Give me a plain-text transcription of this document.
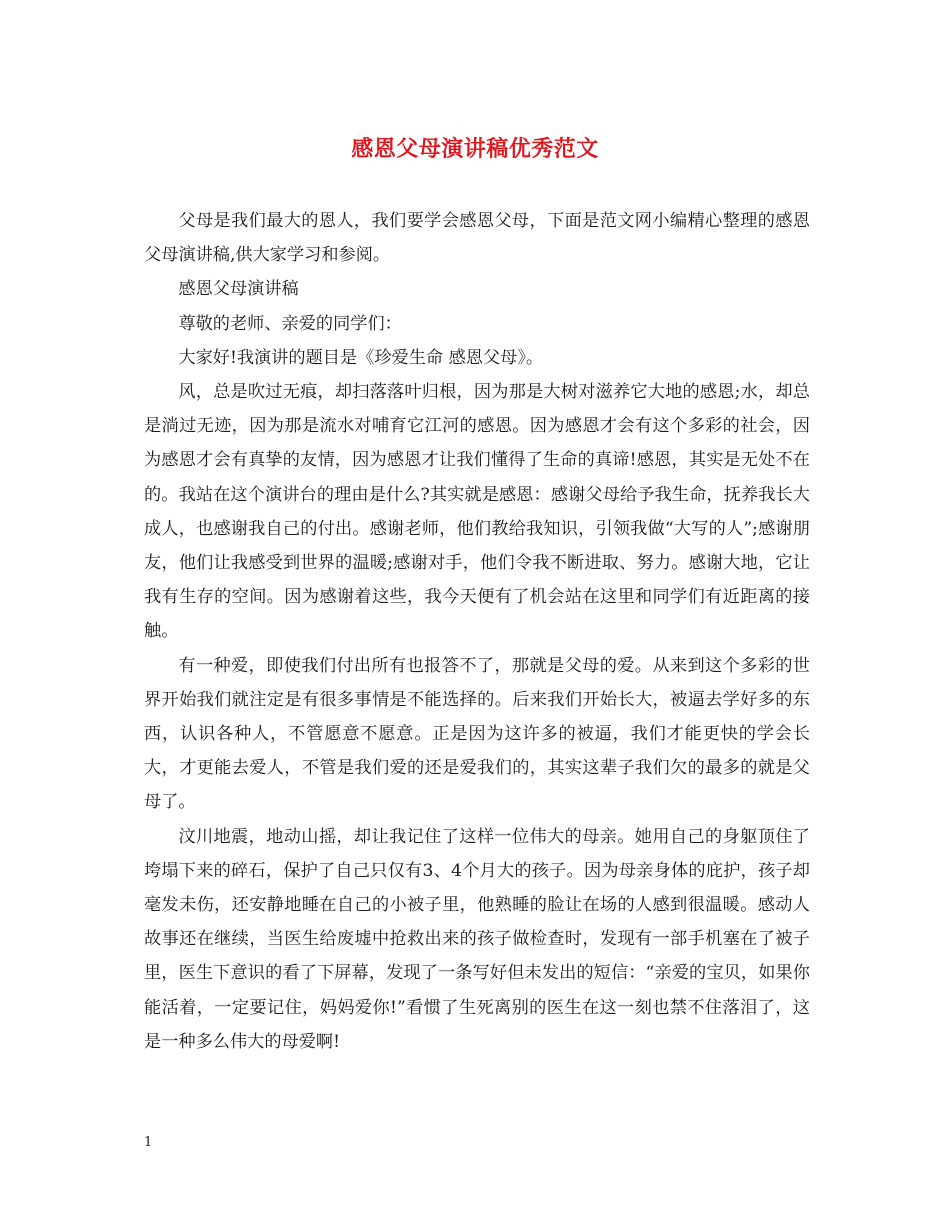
感恩父母演讲稿优秀范文

父母是我们最大的恩人，我们要学会感恩父母，下面是范文网小编精心整理的感恩父母演讲稿,供大家学习和参阅。

感恩父母演讲稿

尊敬的老师、亲爱的同学们：

大家好!我演讲的题目是《珍爱生命 感恩父母》。

风，总是吹过无痕，却扫落落叶归根，因为那是大树对滋养它大地的感恩;水，却总是淌过无迹，因为那是流水对哺育它江河的感恩。因为感恩才会有这个多彩的社会，因为感恩才会有真挚的友情，因为感恩才让我们懂得了生命的真谛!感恩，其实是无处不在的。我站在这个演讲台的理由是什么?其实就是感恩：感谢父母给予我生命，抚养我长大成人，也感谢我自己的付出。感谢老师，他们教给我知识，引领我做“大写的人”;感谢朋友，他们让我感受到世界的温暖;感谢对手，他们令我不断进取、努力。感谢大地，它让我有生存的空间。因为感谢着这些，我今天便有了机会站在这里和同学们有近距离的接触。

有一种爱，即使我们付出所有也报答不了，那就是父母的爱。从来到这个多彩的世界开始我们就注定是有很多事情是不能选择的。后来我们开始长大，被逼去学好多的东西，认识各种人，不管愿意不愿意。正是因为这许多的被逼，我们才能更快的学会长大，才更能去爱人，不管是我们爱的还是爱我们的，其实这辈子我们欠的最多的就是父母了。

汶川地震，地动山摇，却让我记住了这样一位伟大的母亲。她用自己的身躯顶住了垮塌下来的碎石，保护了自己只仅有3、4个月大的孩子。因为母亲身体的庇护，孩子却毫发未伤，还安静地睡在自己的小被子里，他熟睡的脸让在场的人感到很温暖。感动人故事还在继续，当医生给废墟中抢救出来的孩子做检查时，发现有一部手机塞在了被子里，医生下意识的看了下屏幕，发现了一条写好但未发出的短信：“亲爱的宝贝，如果你能活着，一定要记住，妈妈爱你!”看惯了生死离别的医生在这一刻也禁不住落泪了，这是一种多么伟大的母爱啊!

1
